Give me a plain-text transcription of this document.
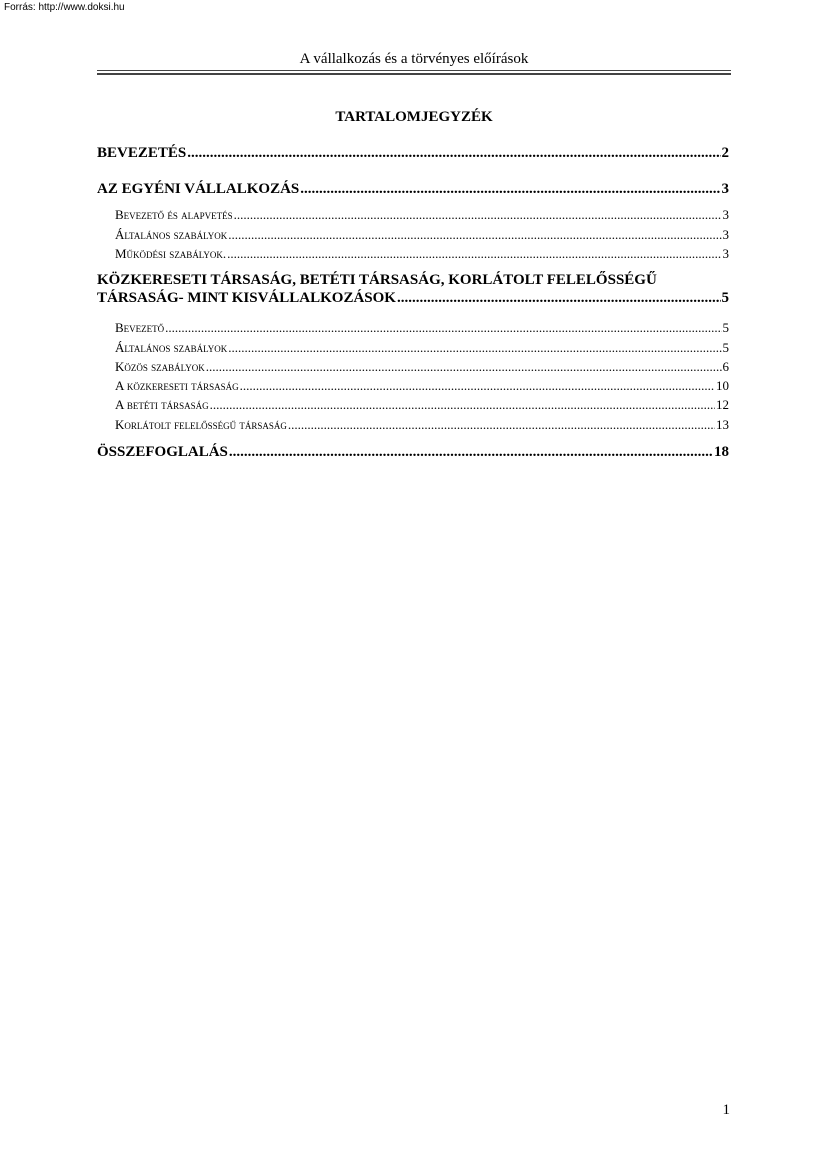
Forrás: http://www.doksi.hu
A vállalkozás és a törvényes előírások
TARTALOMJEGYZÉK
BEVEZETÉS .....	2
AZ EGYÉNI VÁLLALKOZÁS .....	3
Bevezető és alapvetés .....	3
Általános szabályok .....	3
Működési szabályok. .....	3
KÖZKERESETI TÁRSASÁG, BETÉTI TÁRSASÁG, KORLÁTOLT FELELŐSSÉGŰ
TÁRSASÁG- MINT KISVÁLLALKOZÁSOK .....	5
Bevezető .....	5
Általános szabályok .....	5
Közös szabályok .....	6
A közkereseti társaság .....	10
A betéti társaság .....	12
Korlátolt felelősségű társaság .....	13
ÖSSZEFOGLALÁS .....	18
1
